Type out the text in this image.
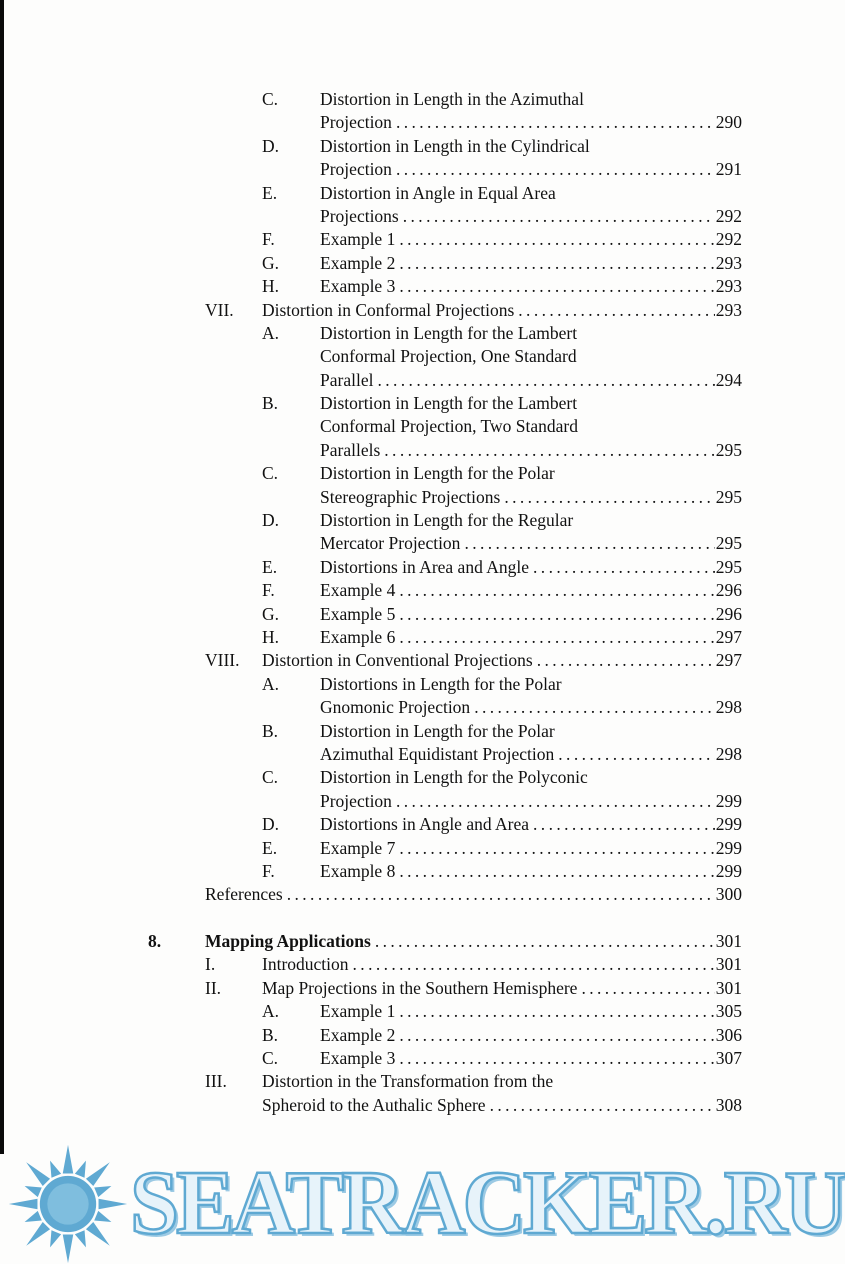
C.	Distortion in Length in the Azimuthal
Projection .....	290
D.	Distortion in Length in the Cylindrical
Projection .....	291
E.	Distortion in Angle in Equal Area
Projections .....	292
F.	Example 1 .....	292
G.	Example 2 .....	293
H.	Example 3 .....	293
VII.	Distortion in Conformal Projections .....	293
A.	Distortion in Length for the Lambert
Conformal Projection, One Standard
Parallel .....	294
B.	Distortion in Length for the Lambert
Conformal Projection, Two Standard
Parallels .....	295
C.	Distortion in Length for the Polar
Stereographic Projections .....	295
D.	Distortion in Length for the Regular
Mercator Projection .....	295
E.	Distortions in Area and Angle .....	295
F.	Example 4 .....	296
G.	Example 5 .....	296
H.	Example 6 .....	297
VIII.	Distortion in Conventional Projections .....	297
A.	Distortions in Length for the Polar
Gnomonic Projection .....	298
B.	Distortion in Length for the Polar
Azimuthal Equidistant Projection .....	298
C.	Distortion in Length for the Polyconic
Projection .....	299
D.	Distortions in Angle and Area .....	299
E.	Example 7 .....	299
F.	Example 8 .....	299
References .....	300
8.	Mapping Applications .....	301
I.	Introduction .....	301
II.	Map Projections in the Southern Hemisphere .....	301
A.	Example 1 .....	305
B.	Example 2 .....	306
C.	Example 3 .....	307
III.	Distortion in the Transformation from the
Spheroid to the Authalic Sphere .....	308
SEATRACKER.RU
